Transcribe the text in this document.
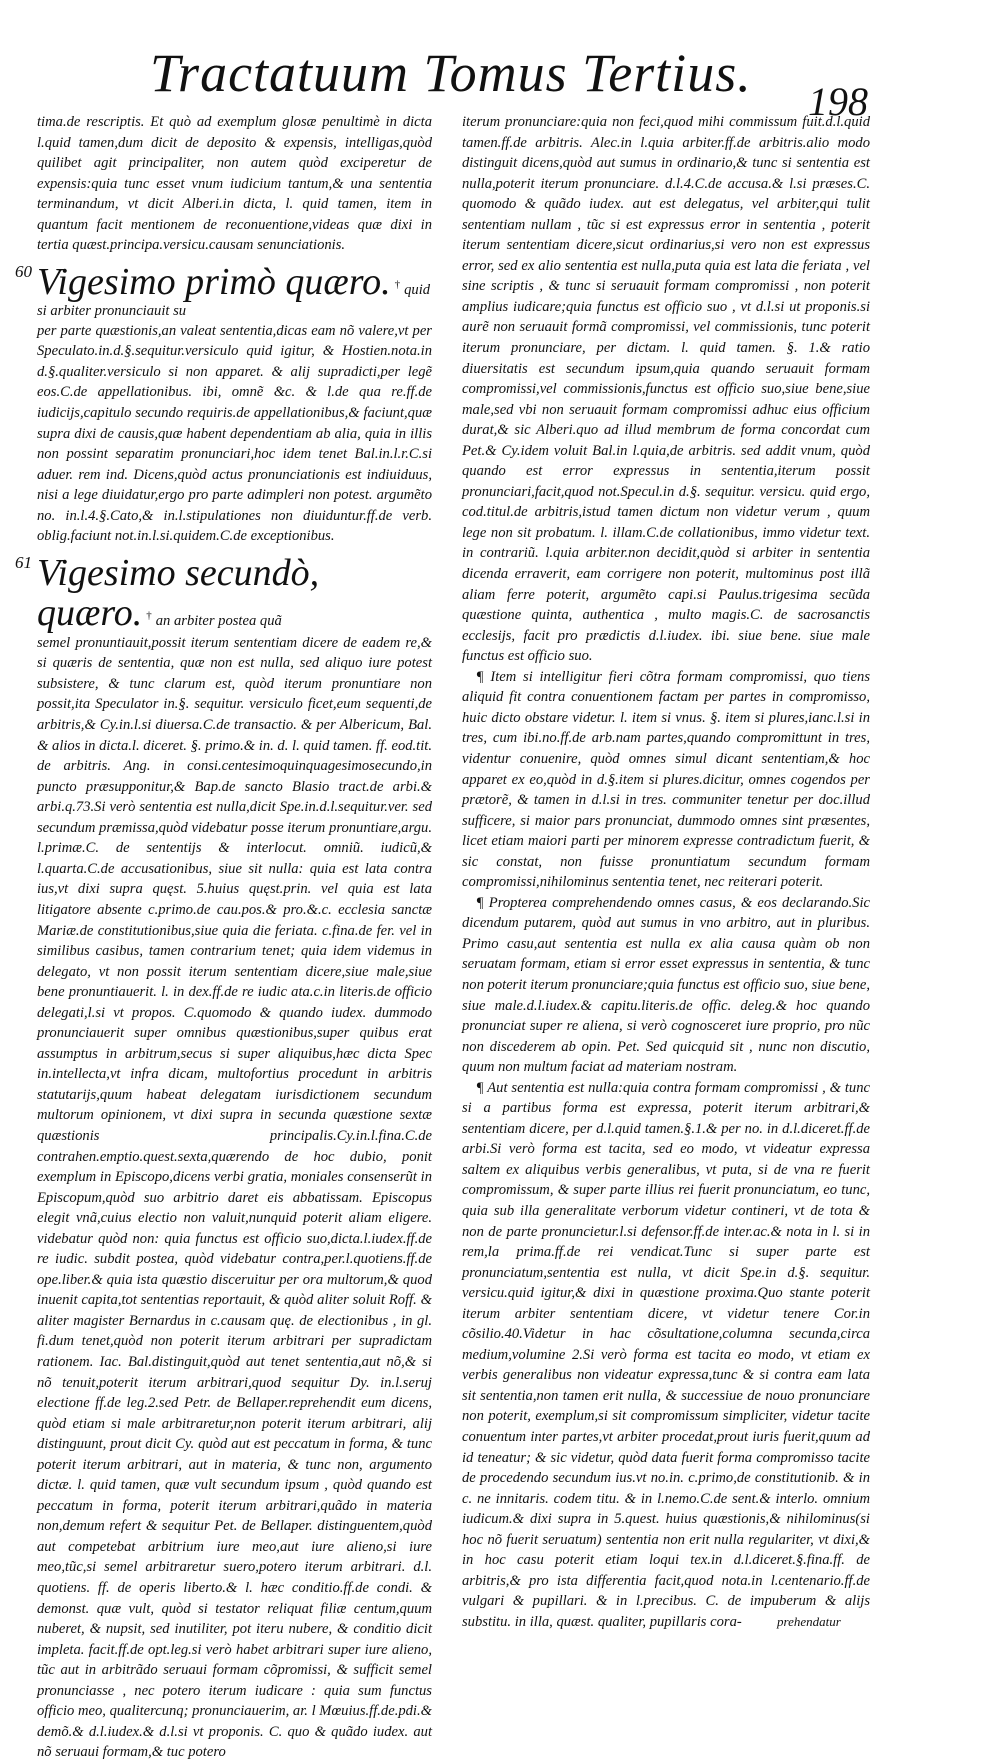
Tractatuum Tomus Tertius. 198

tima.de rescriptis. Et quò ad exemplum glosæ penultimè in dicta l.quid tamen,dum dicit de deposito & expensis, intelligas,quòd quilibet agit principaliter, non autem quòd exciperetur de expensis:quia tunc esset vnum iudicium tantum,& una sententia terminandum, vt dicit Alberi.in dicta, l. quid tamen, item in quantum facit mentionem de reconuentione,videas quæ dixi in tertia quæst.principa.versicu.causam senunciationis.

60 Vigesimo primò quæro. † quid si arbiter pronunciauit su

per parte quæstionis,an valeat sententia,dicas eam nõ valere,vt per Speculato.in.d.§.sequitur.versiculo quid igitur, & Hostien.nota.in d.§.qualiter.versiculo si non apparet. & alij supradicti,per legẽ eos.C.de appellationibus. ibi, omnẽ &c. & l.de qua re.ff.de iudicijs,capitulo secundo requiris.de appellationibus,& faciunt,quæ supra dixi de causis,quæ habent dependentiam ab alia, quia in illis non possint separatim pronunciari,hoc idem tenet Bal.in.l.r.C.si aduer. rem ind. Dicens,quòd actus pronunciationis est indiuiduus, nisi a lege diuidatur,ergo pro parte adimpleri non potest. argumẽto no. in.l.4.§.Cato,& in.l.stipulationes non diuiduntur.ff.de verb. oblig.faciunt not.in.l.si.quidem.C.de exceptionibus.

61 Vigesimo secundò, quæro. † an arbiter postea quã

semel pronuntiauit,possit iterum sententiam dicere de eadem re,& si quæris de sententia, quæ non est nulla, sed aliquo iure potest subsistere, & tunc clarum est, quòd iterum pronuntiare non possit,ita Speculator in.§. sequitur. versiculo ficet,eum sequenti,de arbitris,& Cy.in.l.si diuersa.C.de transactio. & per Albericum, Bal. & alios in dicta.l. diceret. §. primo.& in. d. l. quid tamen. ff. eod.tit. de arbitris. Ang. in consi.centesimoquinquagesimosecundo,in puncto præsupponitur,& Bap.de sancto Blasio tract.de arbi.& arbi.q.73.Si verò sententia est nulla,dicit Spe.in.d.l.sequitur.ver. sed secundum præmissa,quòd videbatur posse iterum pronuntiare,argu. l.primæ.C. de sententijs & interlocut. omniũ. iudicũ,& l.quarta.C.de accusationibus, siue sit nulla: quia est lata contra ius,vt dixi supra quęst. 5.huius quęst.prin. vel quia est lata litigatore absente c.primo.de cau.pos.& pro.&.c. ecclesia sanctæ Mariæ.de constitutionibus,siue quia die feriata. c.fina.de fer. vel in similibus casibus, tamen contrarium tenet; quia idem videmus in delegato, vt non possit iterum sententiam dicere,siue male,siue bene pronuntiauerit. l. in dex.ff.de re iudic ata.c.in literis.de officio delegati,l.si vt propos. C.quomodo & quando iudex. dummodo pronunciauerit super omnibus quæstionibus,super quibus erat assumptus in arbitrum,secus si super aliquibus,hæc dicta Spec in.intellecta,vt infra dicam, multofortius procedunt in arbitris statutarijs,quum habeat delegatam iurisdictionem secundum multorum opinionem, vt dixi supra in secunda quæstione sextæ quæstionis principalis.Cy.in.l.fina.C.de contrahen.emptio.quest.sexta,quærendo de hoc dubio, ponit exemplum in Episcopo,dicens verbi gratia, moniales consenserũt in Episcopum,quòd suo arbitrio daret eis abbatissam. Episcopus elegit vnã,cuius electio non valuit,nunquid poterit aliam eligere. videbatur quòd non: quia functus est officio suo,dicta.l.iudex.ff.de re iudic. subdit postea, quòd videbatur contra,per.l.quotiens.ff.de ope.liber.& quia ista quæstio disceruitur per ora multorum,& quod inuenit capita,tot sententias reportauit, & quòd aliter soluit Roff. & aliter magister Bernardus in c.causam quę. de electionibus , in gl. fi.dum tenet,quòd non poterit iterum arbitrari per supradictam rationem. Iac. Bal.distinguit,quòd aut tenet sententia,aut nõ,& si nõ tenuit,poterit iterum arbitrari,quod sequitur Dy. in.l.seruj electione ff.de leg.2.sed Petr. de Bellaper.reprehendit eum dicens, quòd etiam si male arbitraretur,non poterit iterum arbitrari, alij distinguunt, prout dicit Cy. quòd aut est peccatum in forma, & tunc poterit iterum arbitrari, aut in materia, & tunc non, argumento dictæ. l. quid tamen, quæ vult secundum ipsum , quòd quando est peccatum in forma, poterit iterum arbitrari,quãdo in materia non,demum refert & sequitur Pet. de Bellaper. distinguentem,quòd aut competebat arbitrium iure meo,aut iure alieno,si iure meo,tũc,si semel arbitraretur suero,potero iterum arbitrari. d.l. quotiens. ff. de operis liberto.& l. hæc conditio.ff.de condi. & demonst. quæ vult, quòd si testator reliquat filiæ centum,quum nuberet, & nupsit, sed inutiliter, pot iteru nubere, & conditio dicit impleta. facit.ff.de opt.leg.si verò habet arbitrari super iure alieno, tũc aut in arbitrãdo seruaui formam cõpromissi, & sufficit semel pronunciasse , nec potero iterum iudicare : quia sum functus officio meo, qualitercunq; pronunciauerim, ar. l Mœuius.ff.de.pdi.& demõ.& d.l.iudex.& d.l.si vt proponis. C. quo & quãdo iudex. aut nõ seruaui formam,& tuc potero

iterum pronunciare:quia non feci,quod mihi commissum fuit.d.l.quid tamen.ff.de arbitris. Alec.in l.quia arbiter.ff.de arbitris.alio modo distinguit dicens,quòd aut sumus in ordinario,& tunc si sententia est nulla,poterit iterum pronunciare. d.l.4.C.de accusa.& l.si præses.C. quomodo & quãdo iudex. aut est delegatus, vel arbiter,qui tulit sententiam nullam , tũc si est expressus error in sententia , poterit iterum sententiam dicere,sicut ordinarius,si vero non est expressus error, sed ex alio sententia est nulla,puta quia est lata die feriata , vel sine scriptis , & tunc si seruauit formam compromissi , non poterit amplius iudicare;quia functus est officio suo , vt d.l.si ut proponis.si aurẽ non seruauit formã compromissi, vel commissionis, tunc poterit iterum pronunciare, per dictam. l. quid tamen. §. 1.& ratio diuersitatis est secundum ipsum,quia quando seruauit formam compromissi,vel commissionis,functus est officio suo,siue bene,siue male,sed vbi non seruauit formam compromissi adhuc eius officium durat,& sic Alberi.quo ad illud membrum de forma concordat cum Pet.& Cy.idem voluit Bal.in l.quia,de arbitris. sed addit vnum, quòd quando est error expressus in sententia,iterum possit pronunciari,facit,quod not.Specul.in d.§. sequitur. versicu. quid ergo, cod.titul.de arbitris,istud tamen dictum non videtur verum , quum lege non sit probatum. l. illam.C.de collationibus, immo videtur text. in contrariũ. l.quia arbiter.non decidit,quòd si arbiter in sententia dicenda erraverit, eam corrigere non poterit, multominus post illã aliam ferre poterit, argumẽto capi.si Paulus.trigesima secũda quæstione quinta, authentica , multo magis.C. de sacrosanctis ecclesijs, facit pro prædictis d.l.iudex. ibi. siue bene. siue male functus est officio suo.

¶ Item si intelligitur fieri cõtra formam compromissi, quo tiens aliquid fit contra conuentionem factam per partes in compromisso, huic dicto obstare videtur. l. item si vnus. §. item si plures,ianc.l.si in tres, cum ibi.no.ff.de arb.nam partes,quando compromittunt in tres, videntur conuenire, quòd omnes simul dicant sententiam,& hoc apparet ex eo,quòd in d.§.item si plures.dicitur, omnes cogendos per prætorẽ, & tamen in d.l.si in tres. communiter tenetur per doc.illud sufficere, si maior pars pronunciat, dummodo omnes sint præsentes, licet etiam maiori parti per minorem expresse contradictum fuerit, & sic constat, non fuisse pronuntiatum secundum formam compromissi,nihilominus sententia tenet, nec reiterari poterit.

¶ Propterea comprehendendo omnes casus, & eos declarando.Sic dicendum putarem, quòd aut sumus in vno arbitro, aut in pluribus. Primo casu,aut sententia est nulla ex alia causa quàm ob non seruatam formam, etiam si error esset expressus in sententia, & tunc non poterit iterum pronunciare;quia functus est officio suo, siue bene, siue male.d.l.iudex.& capitu.literis.de offic. deleg.& hoc quando pronunciat super re aliena, si verò cognosceret iure proprio, pro nũc non discederem ab opin. Pet. Sed quicquid sit , nunc non discutio, quum non multum faciat ad materiam nostram.

¶ Aut sententia est nulla:quia contra formam compromissi , & tunc si a partibus forma est expressa, poterit iterum arbitrari,& sententiam dicere, per d.l.quid tamen.§.1.& per no. in d.l.diceret.ff.de arbi.Si verò forma est tacita, sed eo modo, vt videatur expressa saltem ex aliquibus verbis generalibus, vt puta, si de vna re fuerit compromissum, & super parte illius rei fuerit pronunciatum, eo tunc, quia sub illa generalitate verborum videtur contineri, vt de tota & non de parte pronuncietur.l.si defensor.ff.de inter.ac.& nota in l. si in rem,la prima.ff.de rei vendicat.Tunc si super parte est pronunciatum,sententia est nulla, vt dicit Spe.in d.§. sequitur. versicu.quid igitur,& dixi in quæstione proxima.Quo stante poterit iterum arbiter sententiam dicere, vt videtur tenere Cor.in cõsilio.40.Videtur in hac cõsultatione,columna secunda,circa medium,volumine 2.Si verò forma est tacita eo modo, vt etiam ex verbis generalibus non videatur expressa,tunc & si contra eam lata sit sententia,non tamen erit nulla, & successiue de nouo pronunciare non poterit, exemplum,si sit compromissum simpliciter, videtur tacite conuentum inter partes,vt arbiter procedat,prout iuris fuerit,quum ad id teneatur; & sic videtur, quòd data fuerit forma compromisso tacite de procedendo secundum ius.vt no.in. c.primo,de constitutionib. & in c. ne innitaris. codem titu. & in l.nemo.C.de sent.& interlo. omnium iudicum.& dixi supra in 5.quest. huius quæstionis,& nihilominus(si hoc nõ fuerit seruatum) sententia non erit nulla regulariter, vt dixi,& in hoc casu poterit etiam loqui tex.in d.l.diceret.§.fina.ff. de arbitris,& pro ista differentia facit,quod nota.in l.centenario.ff.de vulgari & pupillari. & in l.precibus. C. de impuberum & alijs substitu. in illa, quæst. qualiter, pupillaris cora-	prehendatur
